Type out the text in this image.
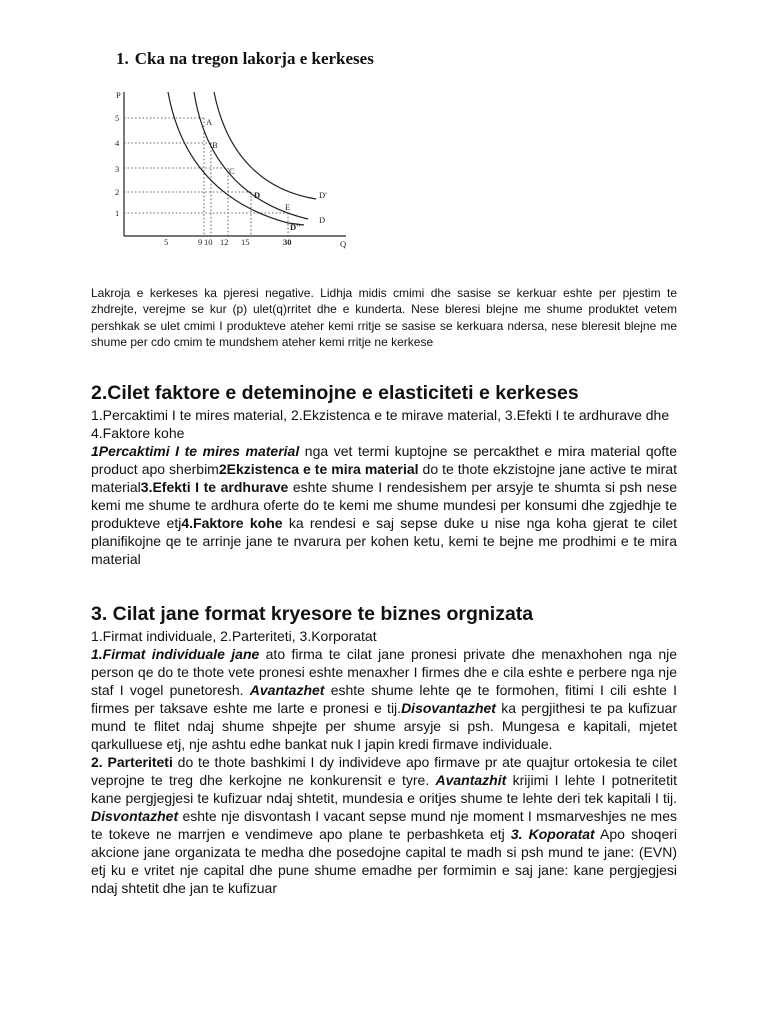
1. Cka na tregon lakorja e kerkeses
P
Q
5
4
3
2
1
5	9 10 12 15	30
A
B
C
D
E
D'
D
D''

Lakroja e kerkeses ka pjeresi negative. Lidhja midis cmimi dhe sasise se kerkuar eshte per pjestim te zhdrejte, verejme se kur (p) ulet(q)rritet dhe e kunderta. Nese bleresi blejne me shume produktet vetem pershkak se ulet cmimi I produkteve ateher kemi rritje se sasise se kerkuara ndersa, nese bleresit blejne me shume per cdo cmim te mundshem ateher kemi rritje ne kerkese

2.Cilet faktore e deteminojne e elasticiteti e kerkeses

1.Percaktimi I te mires material, 2.Ekzistenca e te mirave material, 3.Efekti I te ardhurave dhe

4.Faktore kohe

1Percaktimi I te mires material nga vet termi kuptojne se percakthet e mira material qofte product apo sherbim2Ekzistenca e te mira material do te thote ekzistojne jane active te mirat material3.Efekti I te ardhurave eshte shume I rendesishem per arsyje te shumta si psh nese kemi me shume te ardhura oferte do te kemi me shume mundesi per konsumi dhe zgjedhje te produkteve etj4.Faktore kohe ka rendesi e saj sepse duke u nise nga koha gjerat te cilet planifikojne qe te arrinje jane te nvarura per kohen ketu, kemi te bejne me prodhimi e te mira material

3. Cilat jane format kryesore te biznes orgnizata

1.Firmat individuale, 2.Parteriteti, 3.Korporatat

1.Firmat individuale jane ato firma te cilat jane pronesi private dhe menaxhohen nga nje person qe do te thote vete pronesi eshte menaxher I firmes dhe e cila eshte e perbere nga nje staf I vogel punetoresh. Avantazhet eshte shume lehte qe te formohen, fitimi I cili eshte I firmes per taksave eshte me larte e pronesi e tij.Disovantazhet ka pergjithesi te pa kufizuar mund te flitet ndaj shume shpejte per shume arsyje si psh. Mungesa e kapitali, mjetet qarkulluese etj, nje ashtu edhe bankat nuk I japin kredi firmave individuale.

2. Parteriteti do te thote bashkimi I dy individeve apo firmave pr ate quajtur ortokesia te cilet veprojne te treg dhe kerkojne ne konkurensit e tyre. Avantazhit krijimi I lehte I potneritetit kane pergjegjesi te kufizuar ndaj shtetit, mundesia e oritjes shume te lehte deri tek kapitali I tij. Disvontazhet eshte nje disvontash I vacant sepse mund nje moment I msmarveshjes ne mes te tokeve ne marrjen e vendimeve apo plane te perbashketa etj 3. Koporatat Apo shoqeri akcione jane organizata te medha dhe posedojne capital te madh si psh mund te jane: (EVN) etj ku e vritet nje capital dhe pune shume emadhe per formimin e saj jane: kane pergjegjesi ndaj shtetit dhe jan te kufizuar
